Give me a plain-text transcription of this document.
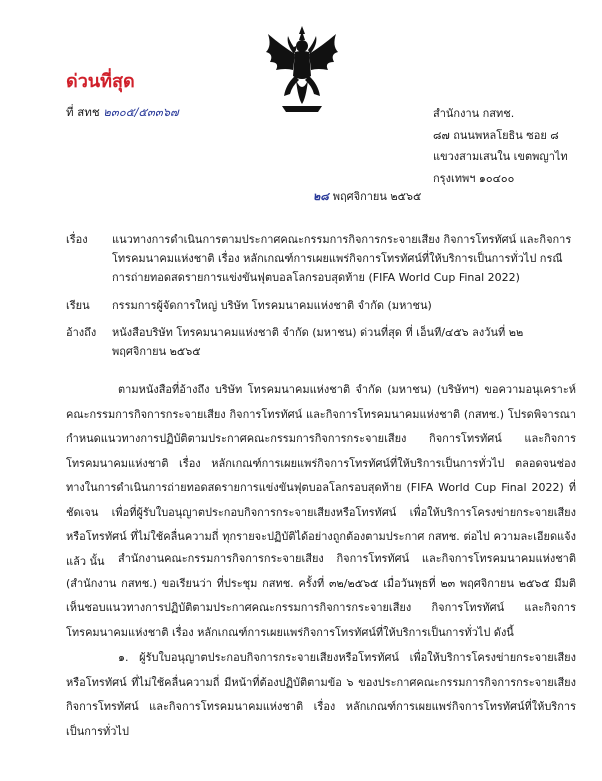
ด่วนที่สุด
ที่ สทช ๒๓๐๕/๕๓๓๖๗	สำนักงาน กสทช.
๘๗ ถนนพหลโยธิน ซอย ๘
แขวงสามเสนใน เขตพญาไท
กรุงเทพฯ ๑๐๔๐๐
๒๘ พฤศจิกายน ๒๕๖๕
เรื่อง แนวทางการดำเนินการตามประกาศคณะกรรมการกิจการกระจายเสียง กิจการโทรทัศน์ และกิจการโทรคมนาคมแห่งชาติ เรื่อง หลักเกณฑ์การเผยแพร่กิจการโทรทัศน์ที่ให้บริการเป็นการทั่วไป กรณีการถ่ายทอดสดรายการแข่งขันฟุตบอลโลกรอบสุดท้าย (FIFA World Cup Final 2022)
เรียน กรรมการผู้จัดการใหญ่ บริษัท โทรคมนาคมแห่งชาติ จำกัด (มหาชน)
อ้างถึง หนังสือบริษัท โทรคมนาคมแห่งชาติ จำกัด (มหาชน) ด่วนที่สุด ที่ เอ็นที/๔๕๖ ลงวันที่ ๒๒ พฤศจิกายน ๒๕๖๕
ตามหนังสือที่อ้างถึง บริษัท โทรคมนาคมแห่งชาติ จำกัด (มหาชน) (บริษัทฯ) ขอความอนุเคราะห์คณะกรรมการกิจการกระจายเสียง กิจการโทรทัศน์ และกิจการโทรคมนาคมแห่งชาติ (กสทช.) โปรดพิจารณากำหนดแนวทางการปฏิบัติตามประกาศคณะกรรมการกิจการกระจายเสียง กิจการโทรทัศน์ และกิจการโทรคมนาคมแห่งชาติ เรื่อง หลักเกณฑ์การเผยแพร่กิจการโทรทัศน์ที่ให้บริการเป็นการทั่วไป ตลอดจนช่องทางในการดำเนินการถ่ายทอดสดรายการแข่งขันฟุตบอลโลกรอบสุดท้าย (FIFA World Cup Final 2022) ที่ชัดเจน เพื่อที่ผู้รับใบอนุญาตประกอบกิจการกระจายเสียงหรือโทรทัศน์ เพื่อให้บริการโครงข่ายกระจายเสียงหรือโทรทัศน์ ที่ไม่ใช้คลื่นความถี่ ทุกรายจะปฏิบัติได้อย่างถูกต้องตามประกาศ กสทช. ต่อไป ความละเอียดแจ้งแล้ว นั้น	สำนักงานคณะกรรมการกิจการกระจายเสียง กิจการโทรทัศน์ และกิจการโทรคมนาคมแห่งชาติ (สำนักงาน กสทช.) ขอเรียนว่า ที่ประชุม กสทช. ครั้งที่ ๓๒/๒๕๖๕ เมื่อวันพุธที่ ๒๓ พฤศจิกายน ๒๕๖๕ มีมติเห็นชอบแนวทางการปฏิบัติตามประกาศคณะกรรมการกิจการกระจายเสียง กิจการโทรทัศน์ และกิจการโทรคมนาคมแห่งชาติ เรื่อง หลักเกณฑ์การเผยแพร่กิจการโทรทัศน์ที่ให้บริการเป็นการทั่วไป ดังนี้
๑. ผู้รับใบอนุญาตประกอบกิจการกระจายเสียงหรือโทรทัศน์ เพื่อให้บริการโครงข่ายกระจายเสียงหรือโทรทัศน์ ที่ไม่ใช้คลื่นความถี่ มีหน้าที่ต้องปฏิบัติตามข้อ ๖ ของประกาศคณะกรรมการกิจการกระจายเสียง กิจการโทรทัศน์ และกิจการโทรคมนาคมแห่งชาติ เรื่อง หลักเกณฑ์การเผยแพร่กิจการโทรทัศน์ที่ให้บริการเป็นการทั่วไป
